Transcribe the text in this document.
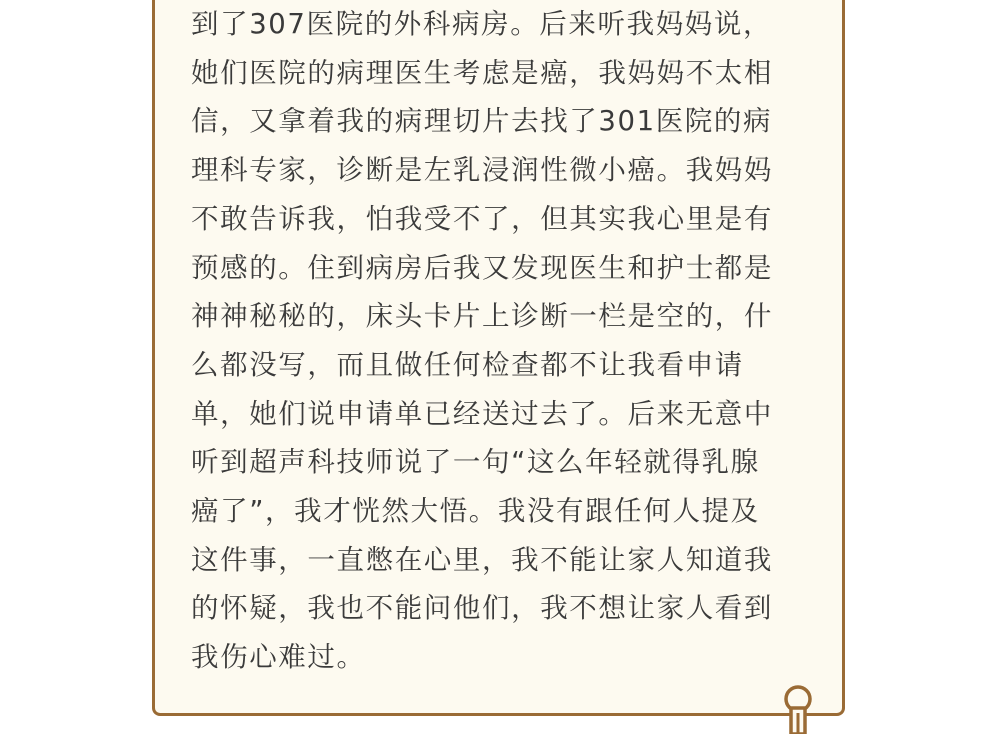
到了307医院的外科病房。后来听我妈妈说，
她们医院的病理医生考虑是癌，我妈妈不太相
信，又拿着我的病理切片去找了301医院的病
理科专家，诊断是左乳浸润性微小癌。我妈妈
不敢告诉我，怕我受不了，但其实我心里是有
预感的。住到病房后我又发现医生和护士都是
神神秘秘的，床头卡片上诊断一栏是空的，什
么都没写，而且做任何检查都不让我看申请
单，她们说申请单已经送过去了。后来无意中
听到超声科技师说了一句“这么年轻就得乳腺
癌了”，我才恍然大悟。我没有跟任何人提及
这件事，一直憋在心里，我不能让家人知道我
的怀疑，我也不能问他们，我不想让家人看到
我伤心难过。
